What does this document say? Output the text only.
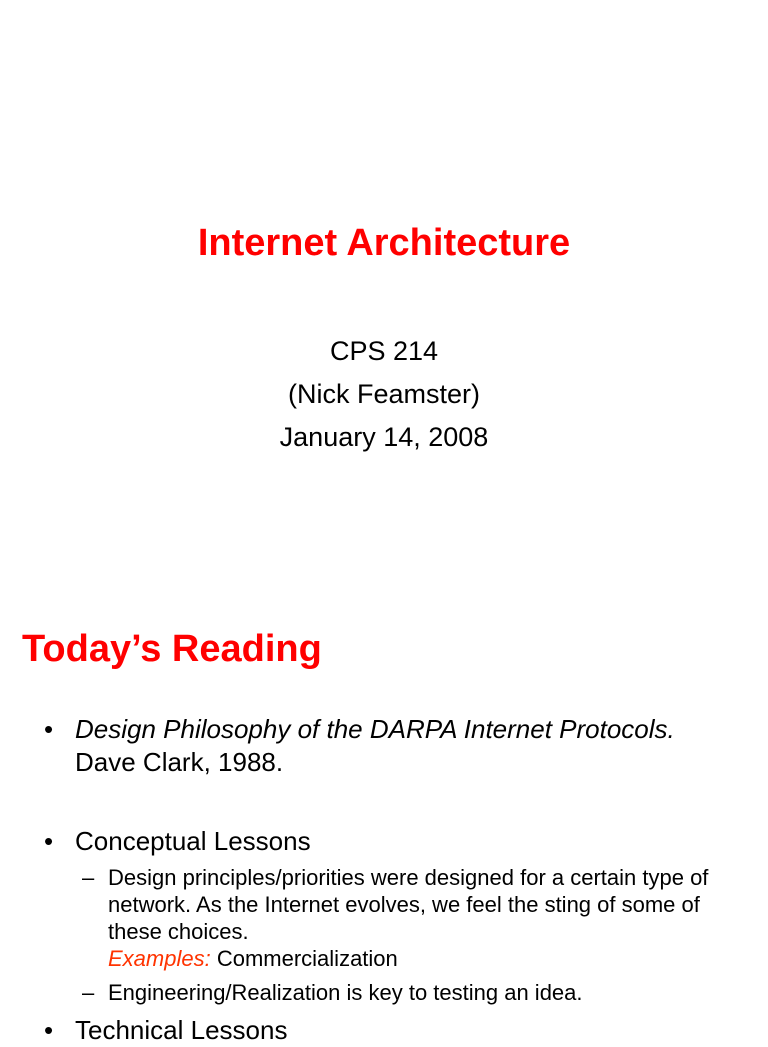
Internet Architecture
CPS 214
(Nick Feamster)
January 14, 2008
Today’s Reading
• Design Philosophy of the DARPA Internet Protocols.  Dave Clark, 1988.
• Conceptual Lessons
– Design principles/priorities were designed for a certain type of network. As the Internet evolves, we feel the sting of some of these choices.
Examples: Commercialization
– Engineering/Realization is key to testing an idea.
• Technical Lessons
